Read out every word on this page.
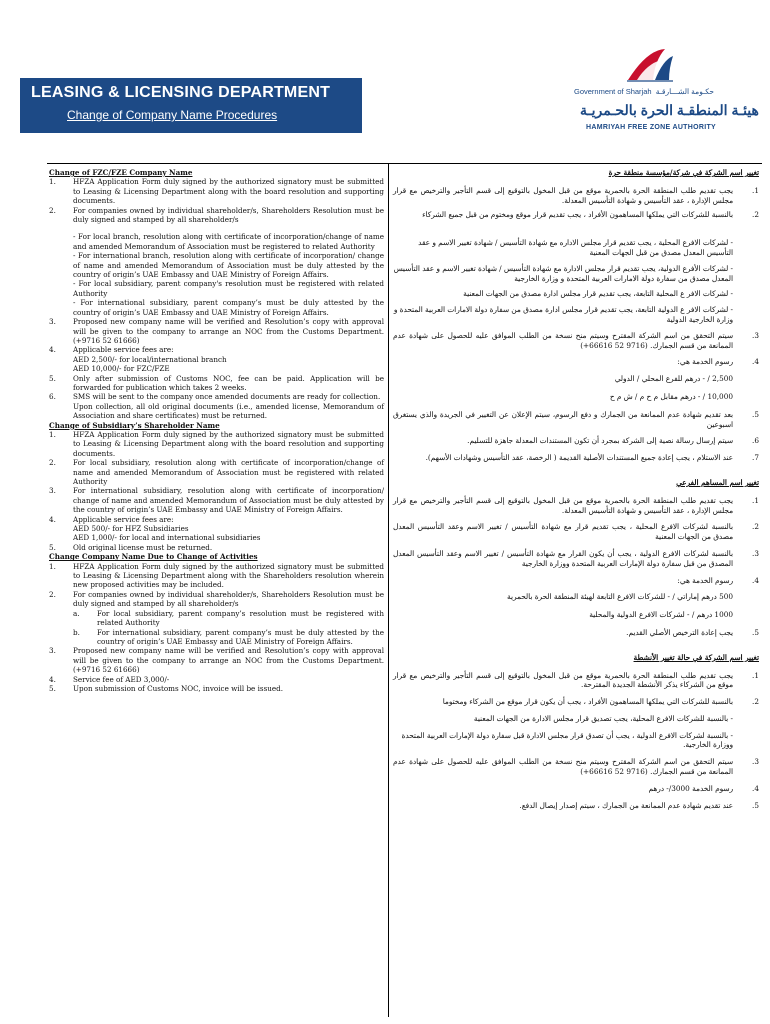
LEASING & LICENSING DEPARTMENT
Change of Company Name Procedures
Government of Sharjah حكـومة الشـــارقـة
هيئـة المنطقـة الحرة بالحـمريـة
HAMRIYAH FREE ZONE AUTHORITY
Change of FZC/FZE Company Name
1. HFZA Application Form duly signed by the authorized signatory must be submitted to Leasing & Licensing Department along with the board resolution and supporting documents.
2. For companies owned by individual shareholder/s, Shareholders Resolution must be duly signed and stamped by all shareholder/s
- For local branch, resolution along with certificate of incorporation/change of name and amended Memorandum of Association must be registered to related Authority
- For international branch, resolution along with certificate of incorporation/ change of name and amended Memorandum of Association must be duly attested by the country of origin’s UAE Embassy and UAE Ministry of Foreign Affairs.
- For local subsidiary, parent company's resolution must be registered with related Authority
- For international subsidiary, parent company’s must be duly attested by the country of origin’s UAE Embassy and UAE Ministry of Foreign Affairs.
3. Proposed new company name will be verified and Resolution’s copy with approval will be given to the company to arrange an NOC from the Customs Department. (+9716 52 61666)
4. Applicable service fees are:
AED 2,500/- for local/international branch
AED 10,000/- for FZC/FZE
5. Only after submission of Customs NOC, fee can be paid. Application will be forwarded for publication which takes 2 weeks.
6. SMS will be sent to the company once amended documents are ready for collection.
Upon collection, all old original documents (i.e., amended license, Memorandum of Association and share certificates) must be returned.
Change of Subsidiary’s Shareholder Name
1. HFZA Application Form duly signed by the authorized signatory must be submitted to Leasing & Licensing Department along with the board resolution and supporting documents.
2. For local subsidiary, resolution along with certificate of incorporation/change of name and amended Memorandum of Association must be registered with related Authority
3. For international subsidiary, resolution along with certificate of incorporation/ change of name and amended Memorandum of Association must be duly attested by the country of origin’s UAE Embassy and UAE Ministry of Foreign Affairs.
4. Applicable service fees are:
AED 500/- for HFZ Subsidiaries
AED 1,000/- for local and international subsidiaries
5. Old original license must be returned.
Change Company Name Due to Change of Activities
1. HFZA Application Form duly signed by the authorized signatory must be submitted to Leasing & Licensing Department along with the Shareholders resolution wherein new proposed activities may be included.
2. For companies owned by individual shareholder/s, Shareholders Resolution must be duly signed and stamped by all shareholder/s
a. For local subsidiary, parent company’s resolution must be registered with related Authority
b. For international subsidiary, parent company’s must be duly attested by the country of origin’s UAE Embassy and UAE Ministry of Foreign Affairs.
3. Proposed new company name will be verified and Resolution’s copy with approval will be given to the company to arrange an NOC from the Customs Department. (+9716 52 61666)
4. Service fee of AED 3,000/-
5. Upon submission of Customs NOC, invoice will be issued.
تغيير اسم الشركة في شركة/مؤسسة منطقة حرة
.1
يجب تقديم طلب المنطقة الحرة بالحمرية موقع من قبل المخول بالتوقيع إلى قسم التأجير والترخيص مع قرار مجلس الإدارة ، عقد التأسيس و شهادة التأسيس المعدلة.
.2
بالنسبة للشركات التي يملكها المساهمون الأفراد ، يجب تقديم قرار موقع ومختوم من قبل جميع الشركاء
- لشركات الافرع المحلية ، يجب تقديم قرار مجلس الاداره مع شهادة التأسيس / شهادة تغيير الاسم و عقد التأسيس المعدل مصدق من قبل الجهات المعنية
- لشركات الأفرع الدولية، يجب تقديم قرار مجلس الادارة مع شهادة التأسيس / شهادة تغيير الاسم و عقد التأسيس المعدل مصدق من سفارة دولة الامارات العربية المتحدة و وزارة الخارجية
- لشركات الافر ع المحلية التابعة، يجب تقديم قرار مجلس ادارة مصدق من الجهات المعنية
- لشركات الافر ع الدولية التابعة، يجب تقديم قرار مجلس ادارة مصدق من سفارة دولة الامارات العربية المتحدة و وزارة الخارجية الدولية
.3
سيتم التحقق من اسم الشركة المقترح وسيتم منح نسخة من الطلب الموافق عليه للحصول على شهادة عدم الممانعة من قسم الجمارك. (9716 52 66616+)
.4
رسوم الخدمة هي:
2,500 / - درهم للفرع المحلي / الدولي
10,000 / - درهم مقابل م ح م / ش م ح
.5
بعد تقديم شهادة عدم الممانعة من الجمارك و دفع الرسوم، سيتم الإعلان عن التغيير في الجريدة والذي يستغرق اسبوعين
.6
سيتم إرسال رسالة نصية إلى الشركة بمجرد أن تكون المستندات المعدلة جاهزة للتسليم.
.7
عند الاستلام ، يجب إعادة جميع المستندات الأصلية القديمة ( الرخصة، عقد التأسيس وشهادات الأسهم).
تغيير اسم المساهم الفرعي
.1
يجب تقديم طلب المنطقة الحرة بالحمرية موقع من قبل المخول بالتوقيع إلى قسم التأجير والترخيص مع قرار مجلس الإدارة ، عقد التأسيس و شهادة التأسيس المعدلة.
.2
بالنسبة لشركات الافرع المحلية ، يجب تقديم قرار مع شهادة التأسيس / تغيير الاسم وعقد التأسيس المعدل مصدق من الجهات المعنية
.3
بالنسبة لشركات الافرع الدولية ، يجب أن يكون القرار مع شهادة التأسيس / تغيير الاسم وعقد التأسيس المعدل المصدق من قبل سفارة دولة الإمارات العربية المتحدة ووزارة الخارجية
.4
رسوم الخدمة هي:
500 درهم إماراتي / - للشركات الافرع التابعة لهيئة المنطقة الحرة بالحمرية
1000 درهم / - لشركات الافرع الدولية والمحلية
.5
يجب إعادة الترخيص الأصلي القديم.
تغيير اسم الشركة في حالة تغيير الأنشطة
.1
يجب تقديم طلب المنطقة الحرة بالحمرية موقع من قبل المخول بالتوقيع إلى قسم التأجير والترخيص مع قرار موقع من الشركاء يذكر الأنشطة الجديدة المقترحة.
.2
بالنسبة للشركات التي يملكها المساهمون الأفراد ، يجب أن يكون قرار موقع من الشركاء ومختوما
- بالنسبة للشركات الافرع المحلية، يجب تصديق قرار مجلس الادارة من الجهات المعنية
- بالنسبة لشركات الافرع الدولية ، يجب أن تصدق قرار مجلس الادارة قبل سفارة دولة الإمارات العربية المتحدة ووزارة الخارجية.
.3
سيتم التحقق من اسم الشركة المقترح وسيتم منح نسخة من الطلب الموافق عليه للحصول على شهادة عدم الممانعة من قسم الجمارك. (9716 52 66616+)
.4
رسوم الخدمة 3000/- درهم
.5
عند تقديم شهادة عدم الممانعة من الجمارك ، سيتم إصدار إيصال الدفع.
